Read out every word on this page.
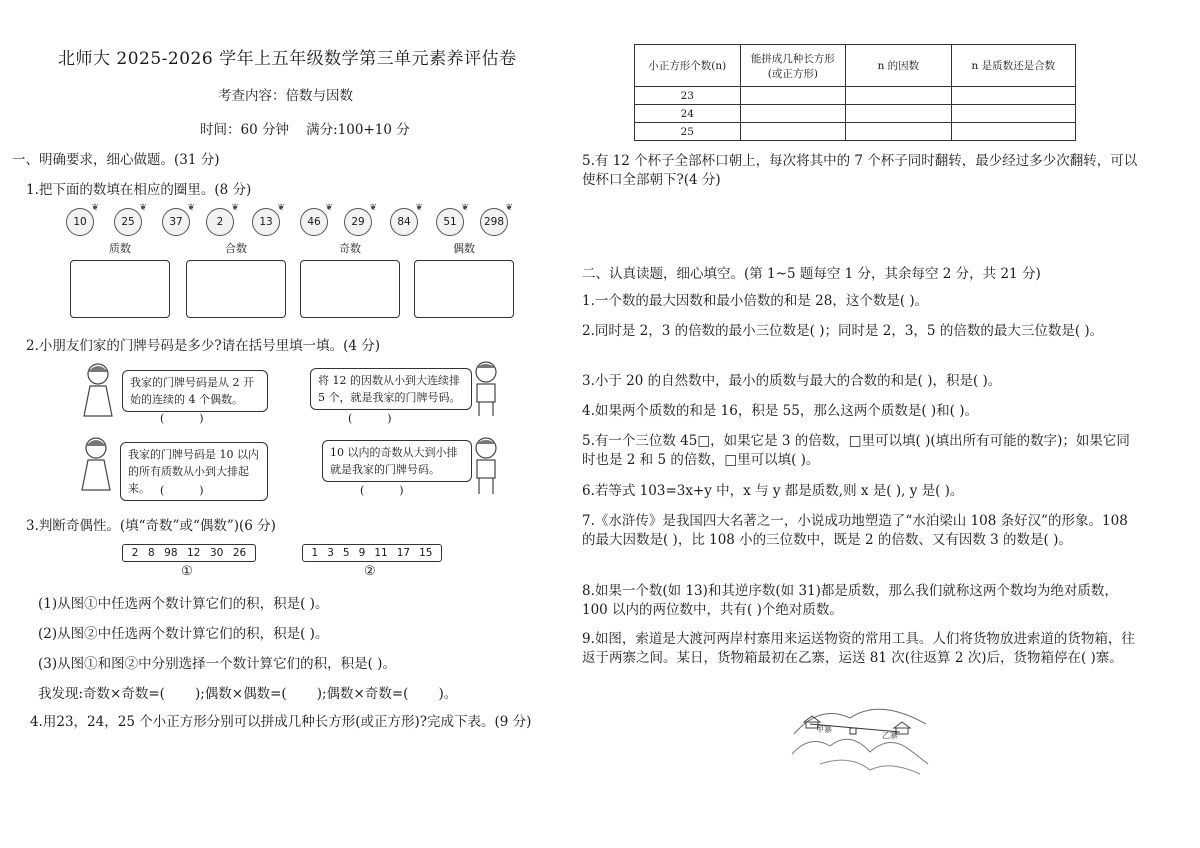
北师大 2025-2026 学年上五年级数学第三单元素养评估卷
考查内容：倍数与因数
时间：60 分钟    满分:100+10 分
一、明确要求，细心做题。(31 分)
1.把下面的数填在相应的圈里。(8 分)
10
❦
25
❦
37
❦
2
❦
13
❦
46
❦
29
❦
84
❦
51
❦
298
❦
质数	合数	奇数	偶数
2.小朋友们家的门牌号码是多少?请在括号里填一填。(4 分)
我家的门牌号码是从 2 开始的连续的 4 个偶数。
(          )
将 12 的因数从小到大连续排 5 个，就是我家的门牌号码。
(          )
我家的门牌号码是 10 以内的所有质数从小到大排起来。 (          )
10 以内的奇数从大到小排就是我家的门牌号码。
(          )
3.判断奇偶性。(填“奇数”或“偶数”)(6 分)
2 8 98 12 30 26	1 3 5 9 11 17 15
①	②
(1)从图①中任选两个数计算它们的积，积是( )。
(2)从图②中任选两个数计算它们的积，积是( )。
(3)从图①和图②中分别选择一个数计算它们的积，积是( )。
我发现:奇数×奇数=(       );偶数×偶数=(       );偶数×奇数=(       )。
4.用23，24，25 个小正方形分别可以拼成几种长方形(或正方形)?完成下表。(9 分)
小正方形个数(n)	能拼成几种长方形(或正方形)	n 的因数	n 是质数还是合数
23			
24			
25			
5.有 12 个杯子全部杯口朝上，每次将其中的 7 个杯子同时翻转，最少经过多少次翻转，可以使杯口全部朝下?(4 分)
二、认真读题，细心填空。(第 1~5 题每空 1 分，其余每空 2 分，共 21 分)
1.一个数的最大因数和最小倍数的和是 28，这个数是( )。
2.同时是 2，3 的倍数的最小三位数是( )；同时是 2，3，5 的倍数的最大三位数是( )。
3.小于 20 的自然数中，最小的质数与最大的合数的和是( )，积是( )。
4.如果两个质数的和是 16，积是 55，那么这两个质数是( )和( )。
5.有一个三位数 45□，如果它是 3 的倍数，□里可以填( )(填出所有可能的数字)；如果它同时也是 2 和 5 的倍数，□里可以填( )。
6.若等式 103=3x+y 中，x 与 y 都是质数,则 x 是( ), y 是( )。
7.《水浒传》是我国四大名著之一，小说成功地塑造了“水泊梁山 108 条好汉”的形象。108 的最大因数是( )，比 108 小的三位数中，既是 2 的倍数、又有因数 3 的数是( )。
8.如果一个数(如 13)和其逆序数(如 31)都是质数，那么我们就称这两个数均为绝对质数，100 以内的两位数中，共有( )个绝对质数。
9.如图，索道是大渡河两岸村寨用来运送物资的常用工具。人们将货物放进索道的货物箱，往返于两寨之间。某日，货物箱最初在乙寨，运送 81 次(往返算 2 次)后，货物箱停在( )寨。
甲寨
乙寨
